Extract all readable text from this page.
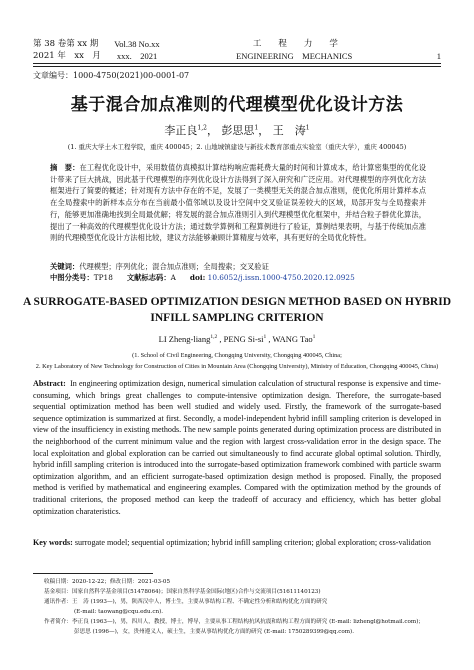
第 38 卷第 xx 期 Vol.38 No.xx	工　　程　　力　　学
2021 年　xx　月 xxx.　2021	ENGINEERING　MECHANICS	1
文章编号：1000-4750(2021)00-0001-07
基于混合加点准则的代理模型优化设计方法
李正良$^{1,2}$， 彭思思$^1$， 王　涛$^1$
(1. 重庆大学土木工程学院，重庆 400045；2. 山地城镇建设与新技术教育部重点实验室（重庆大学），重庆 400045)
摘　要：在工程优化设计中，采用数值仿真模拟计算结构响应需耗费大量的时间和计算成本，给计算密集型的优化设计带来了巨大挑战，因此基于代理模型的序列优化设计方法得到了深入研究和广泛应用。对代理模型的序列优化方法框架进行了简要的概述；针对现有方法中存在的不足，发展了一类模型无关的混合加点准则，使优化所用计算样本点在全局搜索中的新样本点分布在当前最小值邻域以及设计空间中交叉验证误差较大的区域，局部开发与全局搜索并行，能够更加准确地找到全局最优解；将发展的混合加点准则引入到代理模型优化框架中，并结合粒子群优化算法，提出了一种高效的代理模型优化设计方法；通过数学算例和工程算例进行了验证，算例结果表明，与基于传统加点准则的代理模型优化设计方法相比较，建议方法能够兼顾计算精度与效率，具有更好的全局优化特性。
关键词：代理模型；序列优化；混合加点准则；全局搜索；交叉验证
中图分类号：TP18 文献标志码：A doi: 10.6052/j.issn.1000-4750.2020.12.0925
A SURROGATE-BASED OPTIMIZATION DESIGN METHOD BASED ON HYBRID INFILL SAMPLING CRITERION
LI Zheng-liang$^{1,2}$ , PENG $Si-si^1$ , WANG Tao$^1$
(1. School of Civil Engineering, Chongqing University, Chongqing 400045, China;
2. Key Laboratory of New Technology for Construction of Cities in Mountain Area (Chongqing University), Ministry of Education, Chongqing 400045, China)
Abstract: In engineering optimization design, numerical simulation calculation of structural response is expensive and time-consuming, which brings great challenges to compute-intensive optimization design. Therefore, the surrogate-based sequential optimization method has been well studied and widely used. Firstly, the framework of the surrogate-based sequence optimization is summarized at first. Secondly, a model-independent hybrid infill sampling criterion is developed in view of the insufficiency in existing methods. The new sample points generated during optimization process are distributed in the neighborhood of the current minimum value and the region with largest cross-validation error in the design space. The local exploitation and global exploration can be carried out simultaneously to find accurate global optimal solution. Thirdly, hybrid infill sampling criterion is introduced into the surrogate-based optimization framework combined with particle swarm optimization algorithm, and an efficient surrogate-based optimization design method is proposed. Finally, the proposed method is verified by mathematical and engineering examples. Compared with the optimization method by the grounds of traditional criterions, the proposed method can keep the tradeoff of accuracy and efficiency, which has better global optimization charateristics.
Key words: surrogate model; sequential optimization; hybrid infill sampling criterion; global exploration; cross-validation
收稿日期：2020-12-22；修改日期：2021-03-05
基金项目：国家自然科学基金项目(51478064)；国家自然科学基金国际(地区)合作与交流项目(51611140123)
通讯作者：王　涛 (1993—)，男，陕西汉中人，博士生，主要从事结构工程、不确定性分析和结构优化方面的研究
(E-mail: taowang@cqu.edu.cn).
作者简介：李正良 (1963—)，男，四川人，教授，博士，博导，主要从事工程结构抗风抗震和结构工程方面的研究 (E-mail: lizhengl@hotmail.com)；
彭思思 (1996—)，女，贵州遵义人，硕士生，主要从事结构优化方面的研究 (E-mail: 1750289399@qq.com).
